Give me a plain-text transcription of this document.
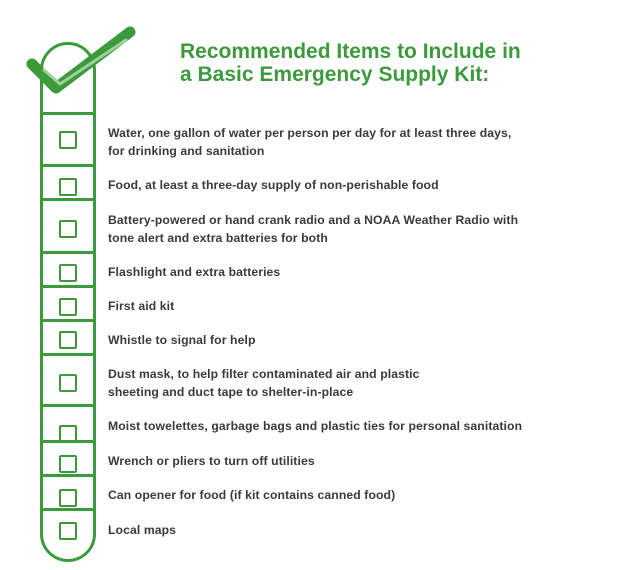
Recommended Items to Include in
a Basic Emergency Supply Kit:
Water, one gallon of water per person per day for at least three days,
for drinking and sanitation
Food, at least a three-day supply of non-perishable food
Battery-powered or hand crank radio and a NOAA Weather Radio with
tone alert and extra batteries for both
Flashlight and extra batteries
First aid kit
Whistle to signal for help
Dust mask, to help filter contaminated air and plastic
sheeting and duct tape to shelter-in-place
Moist towelettes, garbage bags and plastic ties for personal sanitation
Wrench or pliers to turn off utilities
Can opener for food (if kit contains canned food)
Local maps
